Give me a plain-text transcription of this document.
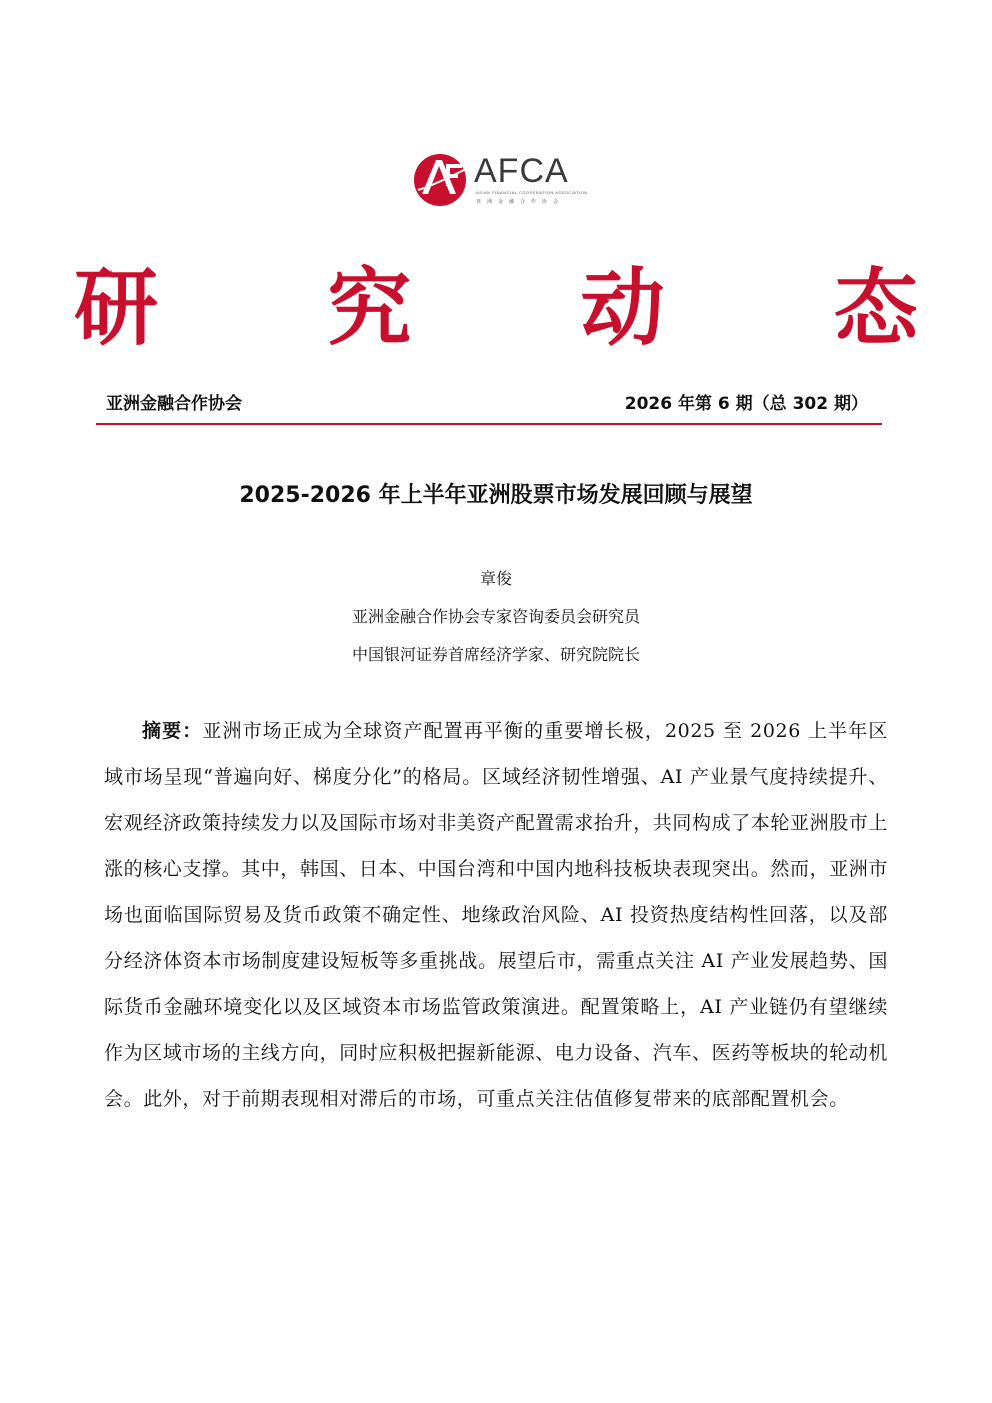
AFCA
ASIAN FINANCIAL COOPERATION ASSOCIATION
亚洲金融合作协会
研 究 动 态
亚洲金融合作协会	2026 年第 6 期（总 302 期）
2025-2026 年上半年亚洲股票市场发展回顾与展望
章俊
亚洲金融合作协会专家咨询委员会研究员
中国银河证券首席经济学家、研究院院长
摘要：亚洲市场正成为全球资产配置再平衡的重要增长极，2025 至 2026 上半年区域市场呈现“普遍向好、梯度分化”的格局。区域经济韧性增强、AI 产业景气度持续提升、宏观经济政策持续发力以及国际市场对非美资产配置需求抬升，共同构成了本轮亚洲股市上涨的核心支撑。其中，韩国、日本、中国台湾和中国内地科技板块表现突出。然而，亚洲市场也面临国际贸易及货币政策不确定性、地缘政治风险、AI 投资热度结构性回落，以及部分经济体资本市场制度建设短板等多重挑战。展望后市，需重点关注 AI 产业发展趋势、国际货币金融环境变化以及区域资本市场监管政策演进。配置策略上，AI 产业链仍有望继续作为区域市场的主线方向，同时应积极把握新能源、电力设备、汽车、医药等板块的轮动机会。此外，对于前期表现相对滞后的市场，可重点关注估值修复带来的底部配置机会。
